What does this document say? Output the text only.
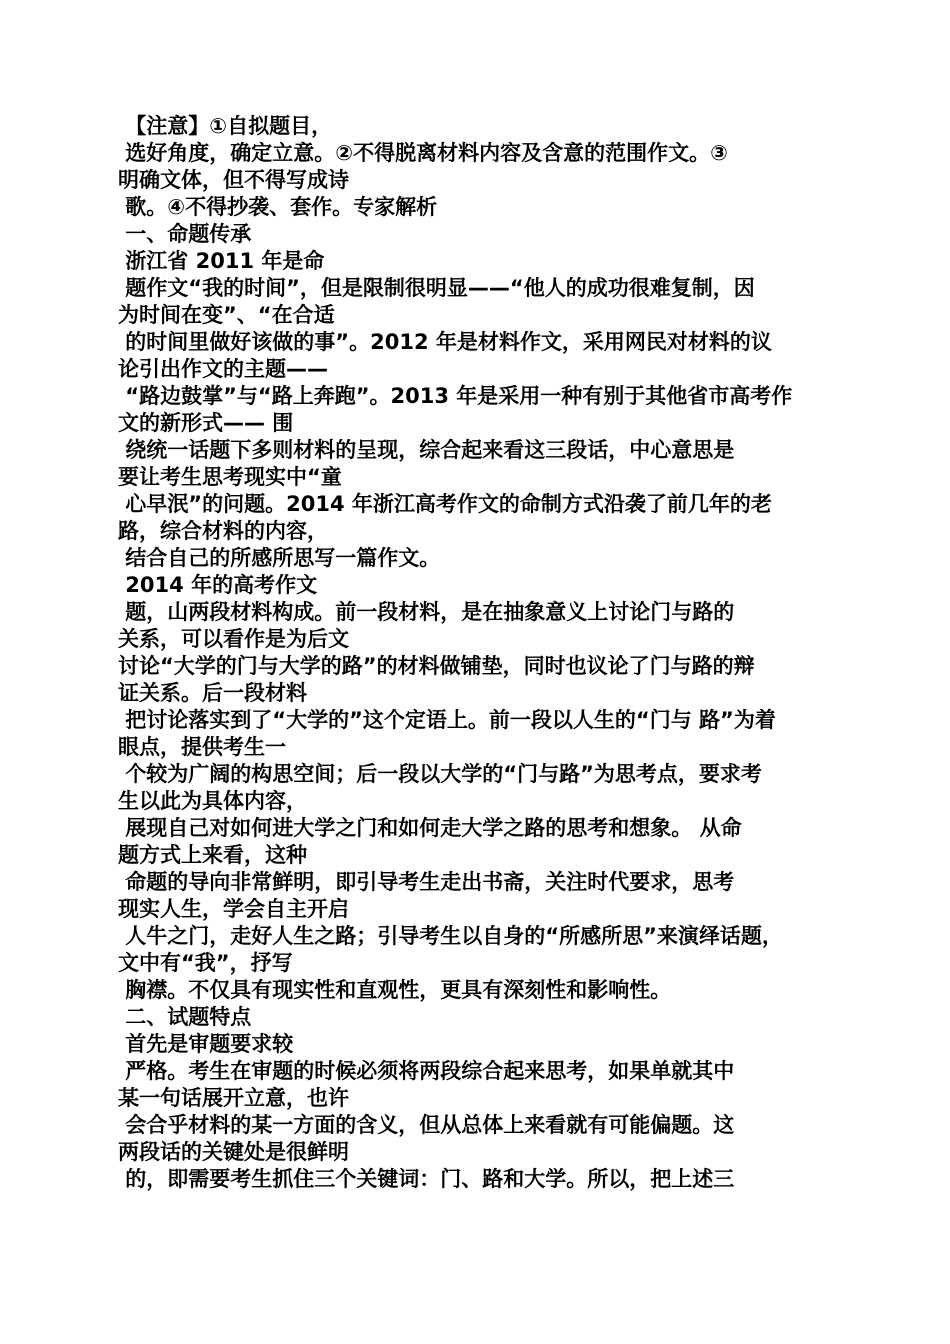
【注意】①自拟题目，
选好角度，确定立意。②不得脱离材料内容及含意的范围作文。③
明确文体，但不得写成诗
歌。④不得抄袭、套作。专家解析
一、命题传承
浙江省 2011 年是命
题作文“我的时间”，但是限制很明显——“他人的成功很难复制，因
为时间在变”、“在合适
的时间里做好该做的事”。2012 年是材料作文，采用网民对材料的议
论引出作文的主题——
“路边鼓掌”与“路上奔跑”。2013 年是采用一种有别于其他省市高考作
文的新形式—— 围
绕统一话题下多则材料的呈现，综合起来看这三段话，中心意思是
要让考生思考现实中“童
心早泯”的问题。2014 年浙江高考作文的命制方式沿袭了前几年的老
路，综合材料的内容，
结合自己的所感所思写一篇作文。
2014 年的高考作文
题，山两段材料构成。前一段材料，是在抽象意义上讨论门与路的
关系，可以看作是为后文
讨论“大学的门与大学的路”的材料做铺垫，同时也议论了门与路的辩
证关系。后一段材料
把讨论落实到了“大学的”这个定语上。前一段以人生的“门与 路”为着
眼点，提供考生一
个较为广阔的构思空间；后一段以大学的“门与路”为思考点，要求考
生以此为具体内容，
展现自己对如何进大学之门和如何走大学之路的思考和想象。 从命
题方式上来看，这种
命题的导向非常鲜明，即引导考生走出书斋，关注时代要求，思考
现实人生，学会自主开启
人牛之门，走好人生之路；引导考生以自身的“所感所思”来演绎话题，
文中有“我”，抒写
胸襟。不仅具有现实性和直观性，更具有深刻性和影响性。
二、试题特点
首先是审题要求较
严格。考生在审题的时候必须将两段综合起来思考，如果单就其中
某一句话展开立意，也许
会合乎材料的某一方面的含义，但从总体上来看就有可能偏题。这
两段话的关键处是很鲜明
的，即需要考生抓住三个关键词：门、路和大学。所以，把上述三
